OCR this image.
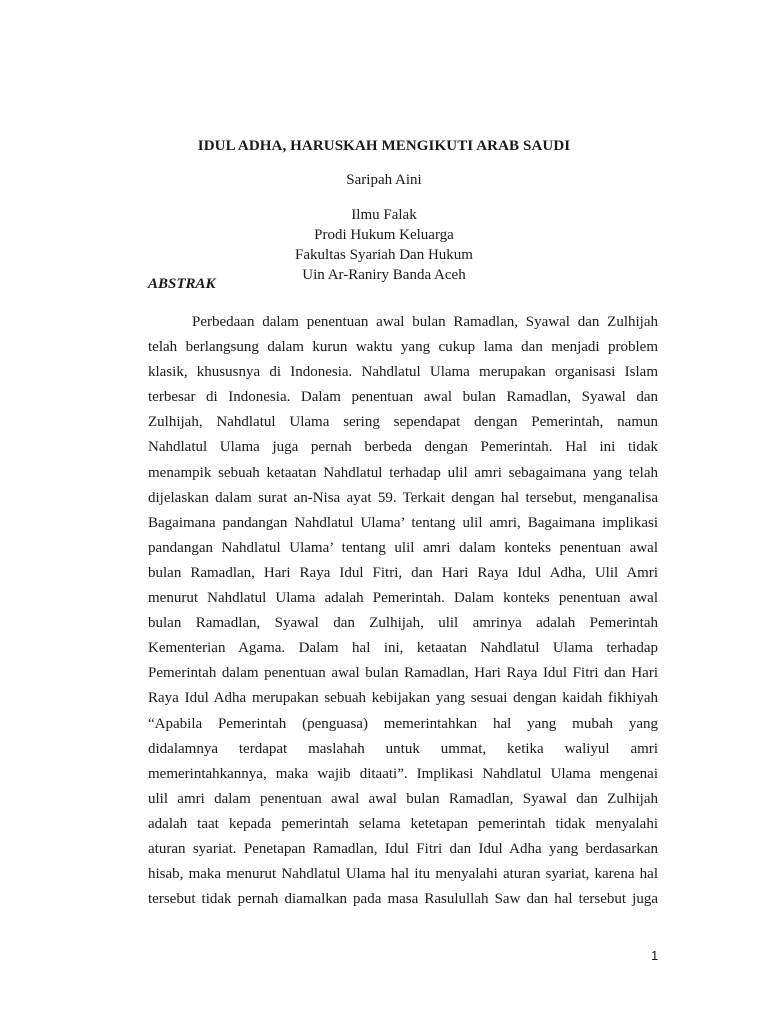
IDUL ADHA, HARUSKAH MENGIKUTI ARAB SAUDI
Saripah Aini
Ilmu Falak
Prodi Hukum Keluarga
Fakultas Syariah Dan Hukum
Uin Ar-Raniry Banda Aceh
ABSTRAK
Perbedaan dalam penentuan awal bulan Ramadlan, Syawal dan Zulhijah
telah berlangsung dalam kurun waktu yang cukup lama dan menjadi problem
klasik, khususnya di Indonesia. Nahdlatul Ulama merupakan organisasi Islam
terbesar di Indonesia. Dalam penentuan awal bulan Ramadlan, Syawal dan
Zulhijah, Nahdlatul Ulama sering sependapat dengan Pemerintah, namun
Nahdlatul Ulama juga pernah berbeda dengan Pemerintah. Hal ini tidak
menampik sebuah ketaatan Nahdlatul terhadap ulil amri sebagaimana yang telah
dijelaskan dalam surat an-Nisa ayat 59. Terkait dengan hal tersebut, menganalisa
Bagaimana pandangan Nahdlatul Ulama’ tentang ulil amri, Bagaimana implikasi
pandangan Nahdlatul Ulama’ tentang ulil amri dalam konteks penentuan awal
bulan Ramadlan, Hari Raya Idul Fitri, dan Hari Raya Idul Adha, Ulil Amri
menurut Nahdlatul Ulama adalah Pemerintah. Dalam konteks penentuan awal
bulan Ramadlan, Syawal dan Zulhijah, ulil amrinya adalah Pemerintah
Kementerian Agama. Dalam hal ini, ketaatan Nahdlatul Ulama terhadap
Pemerintah dalam penentuan awal bulan Ramadlan, Hari Raya Idul Fitri dan Hari
Raya Idul Adha merupakan sebuah kebijakan yang sesuai dengan kaidah fikhiyah
“Apabila Pemerintah (penguasa) memerintahkan hal yang mubah yang
didalamnya terdapat maslahah untuk ummat, ketika waliyul amri
memerintahkannya, maka wajib ditaati”. Implikasi Nahdlatul Ulama mengenai
ulil amri dalam penentuan awal awal bulan Ramadlan, Syawal dan Zulhijah
adalah taat kepada pemerintah selama ketetapan pemerintah tidak menyalahi
aturan syariat. Penetapan Ramadlan, Idul Fitri dan Idul Adha yang berdasarkan
hisab, maka menurut Nahdlatul Ulama hal itu menyalahi aturan syariat, karena hal
tersebut tidak pernah diamalkan pada masa Rasulullah Saw dan hal tersebut juga
1
